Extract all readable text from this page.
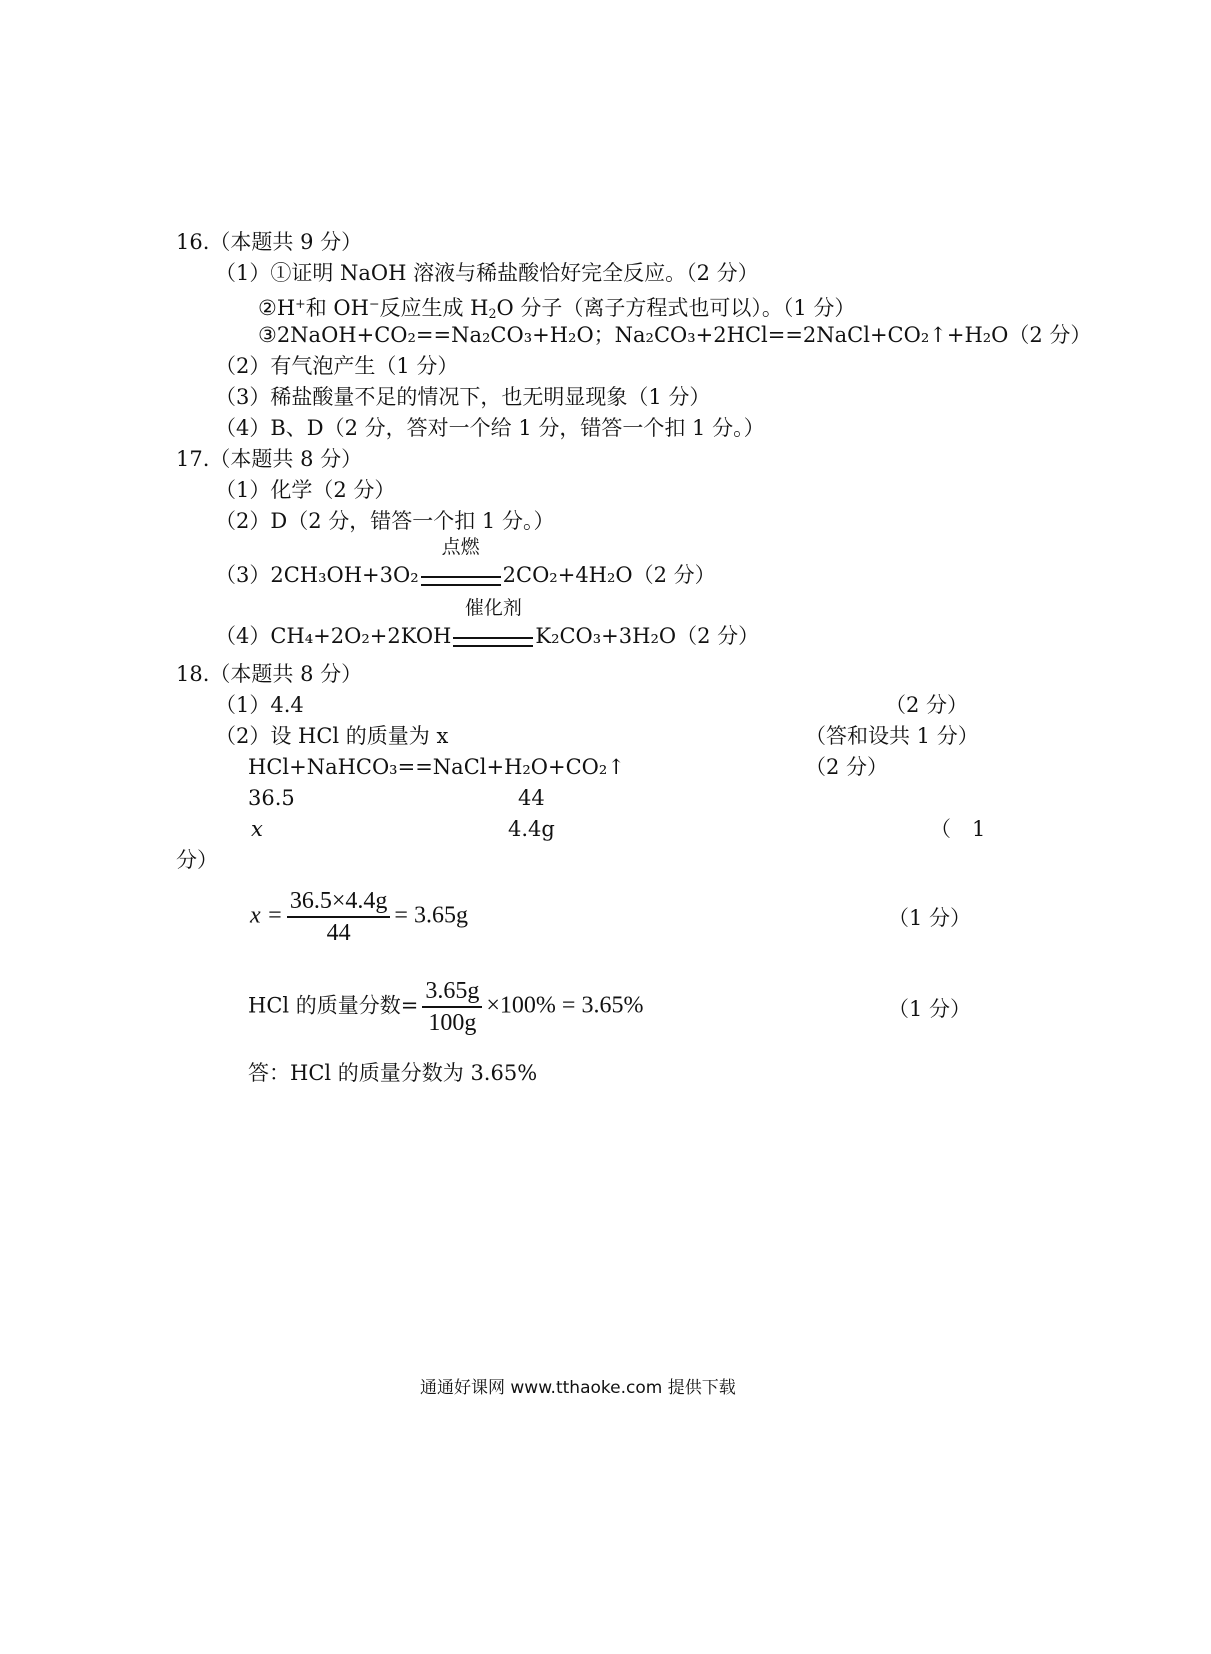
16.（本题共 9 分）
（1）①证明 NaOH 溶液与稀盐酸恰好完全反应。（2 分）
②H+和 OH−反应生成 H2O 分子（离子方程式也可以）。（1 分）
③2NaOH+CO₂==Na₂CO₃+H₂O；Na₂CO₃+2HCl==2NaCl+CO₂↑+H₂O（2 分）
（2）有气泡产生（1 分）
（3）稀盐酸量不足的情况下，也无明显现象（1 分）
（4）B、D（2 分，答对一个给 1 分，错答一个扣 1 分。）
17.（本题共 8 分）
（1）化学（2 分）
（2）D（2 分，错答一个扣 1 分。）
（3）2CH₃OH+3O₂
点燃
2CO₂+4H₂O（2 分）
（4）CH₄+2O₂+2KOH
催化剂
K₂CO₃+3H₂O（2 分）
18.（本题共 8 分）
（1）4.4	（2 分）
（2）设 HCl 的质量为 x	（答和设共 1 分）
HCl+NaHCO₃==NaCl+H₂O+CO₂↑	（2 分）
36.5	44
x	4.4g	（　1
分）
$x = \frac{36.5\times 4.4g}{44} = 3.65g$	（1 分）
HCl 的质量分数= $\frac{3.65g}{100g} \times 100\% = 3.65\%$	（1 分）
答：HCl 的质量分数为 3.65%
通通好课网 www.tthaoke.com 提供下载
